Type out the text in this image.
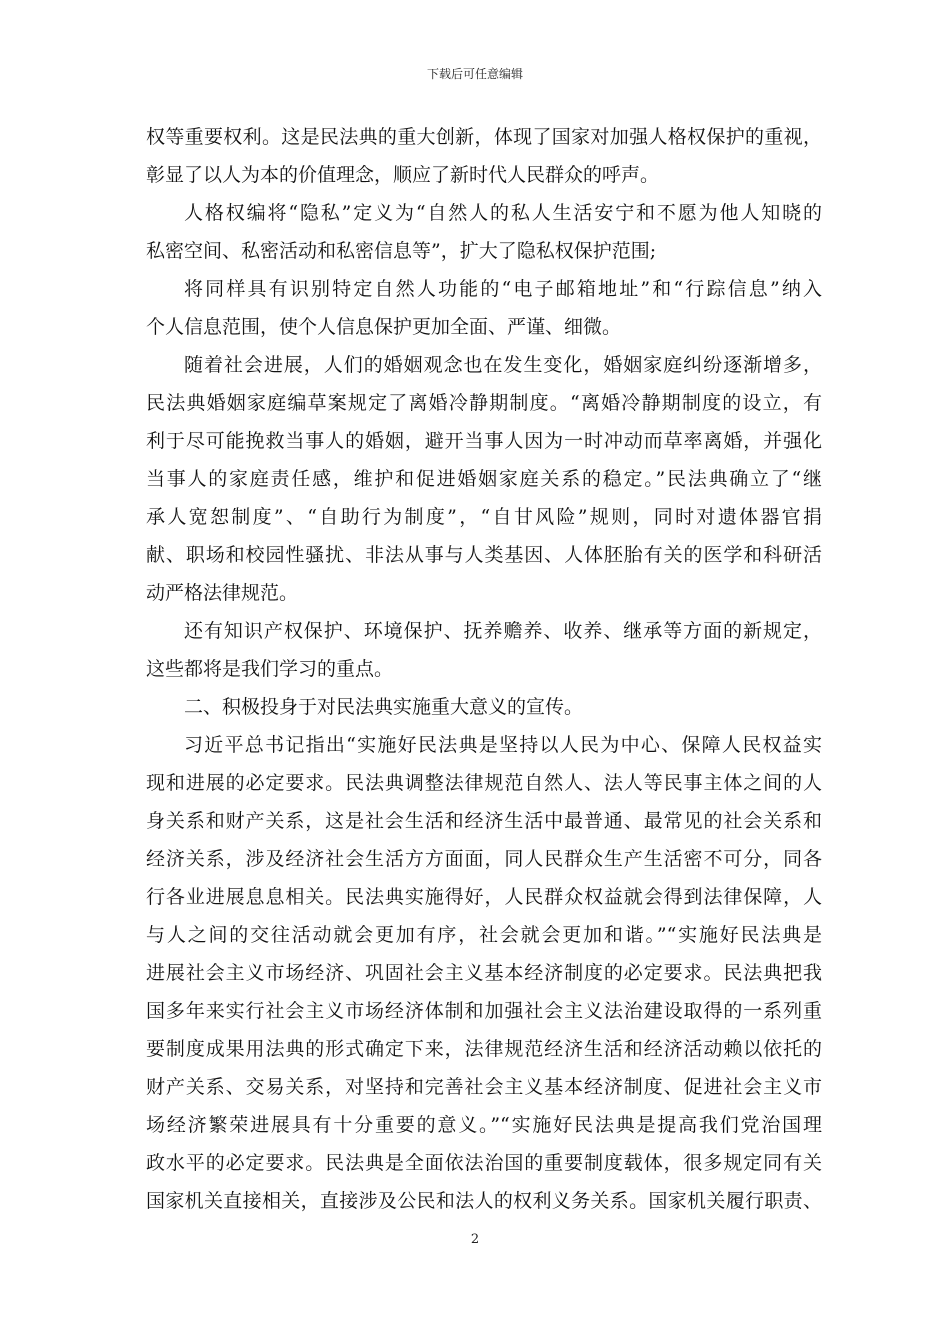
下载后可任意编辑
权等重要权利。这是民法典的重大创新，体现了国家对加强人格权保护的重视，
彰显了以人为本的价值理念，顺应了新时代人民群众的呼声。
人格权编将“隐私”定义为“自然人的私人生活安宁和不愿为他人知晓的
私密空间、私密活动和私密信息等”，扩大了隐私权保护范围;
将同样具有识别特定自然人功能的“电子邮箱地址”和“行踪信息”纳入
个人信息范围，使个人信息保护更加全面、严谨、细微。
随着社会进展，人们的婚姻观念也在发生变化，婚姻家庭纠纷逐渐增多，
民法典婚姻家庭编草案规定了离婚冷静期制度。“离婚冷静期制度的设立，有
利于尽可能挽救当事人的婚姻，避开当事人因为一时冲动而草率离婚，并强化
当事人的家庭责任感，维护和促进婚姻家庭关系的稳定。”民法典确立了“继
承人宽恕制度”、“自助行为制度”，“自甘风险”规则，同时对遗体器官捐
献、职场和校园性骚扰、非法从事与人类基因、人体胚胎有关的医学和科研活
动严格法律规范。
还有知识产权保护、环境保护、抚养赡养、收养、继承等方面的新规定，
这些都将是我们学习的重点。
二、积极投身于对民法典实施重大意义的宣传。
习近平总书记指出“实施好民法典是坚持以人民为中心、保障人民权益实
现和进展的必定要求。民法典调整法律规范自然人、法人等民事主体之间的人
身关系和财产关系，这是社会生活和经济生活中最普通、最常见的社会关系和
经济关系，涉及经济社会生活方方面面，同人民群众生产生活密不可分，同各
行各业进展息息相关。民法典实施得好，人民群众权益就会得到法律保障，人
与人之间的交往活动就会更加有序，社会就会更加和谐。”“实施好民法典是
进展社会主义市场经济、巩固社会主义基本经济制度的必定要求。民法典把我
国多年来实行社会主义市场经济体制和加强社会主义法治建设取得的一系列重
要制度成果用法典的形式确定下来，法律规范经济生活和经济活动赖以依托的
财产关系、交易关系，对坚持和完善社会主义基本经济制度、促进社会主义市
场经济繁荣进展具有十分重要的意义。”“实施好民法典是提高我们党治国理
政水平的必定要求。民法典是全面依法治国的重要制度载体，很多规定同有关
国家机关直接相关，直接涉及公民和法人的权利义务关系。国家机关履行职责、
2
